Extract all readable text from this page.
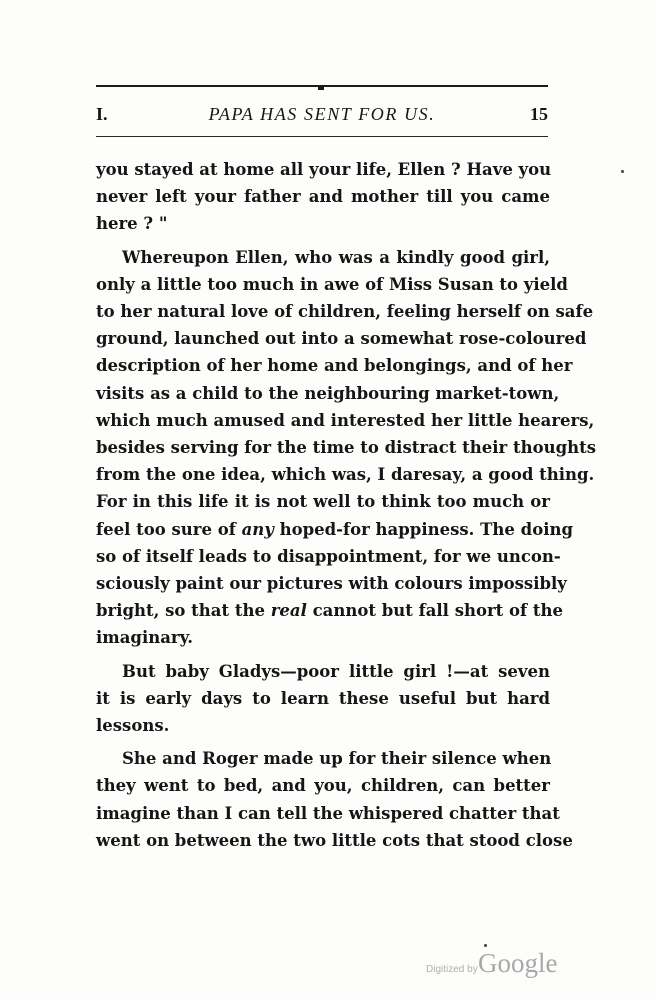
I.	PAPA HAS SENT FOR US.	15
you stayed at home all your life, Ellen ? Have you
never left your father and mother till you came
here ? "
Whereupon Ellen, who was a kindly good girl,
only a little too much in awe of Miss Susan to yield
to her natural love of children, feeling herself on safe
ground, launched out into a somewhat rose-coloured
description of her home and belongings, and of her
visits as a child to the neighbouring market-town,
which much amused and interested her little hearers,
besides serving for the time to distract their thoughts
from the one idea, which was, I daresay, a good thing.
For in this life it is not well to think too much or
feel too sure of any hoped-for happiness. The doing
so of itself leads to disappointment, for we uncon-
sciously paint our pictures with colours impossibly
bright, so that the real cannot but fall short of the
imaginary.
But baby Gladys—poor little girl !—at seven
it is early days to learn these useful but hard
lessons.
She and Roger made up for their silence when
they went to bed, and you, children, can better
imagine than I can tell the whispered chatter that
went on between the two little cots that stood close
Digitized by Google
